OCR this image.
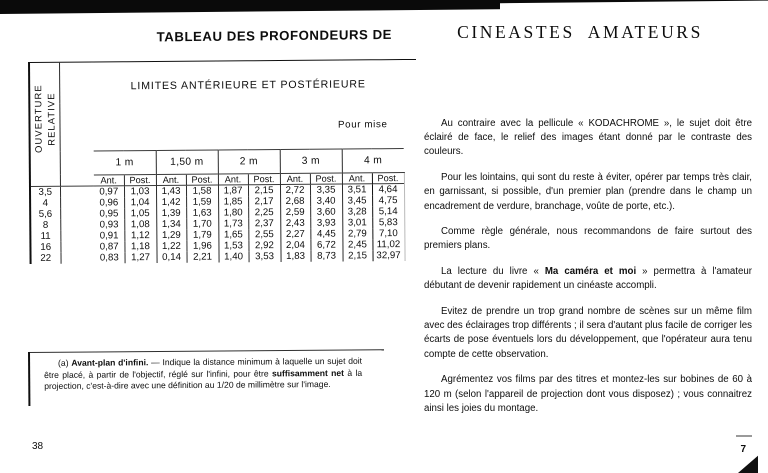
TABLEAU DES PROFONDEURS DE
OUVERTURE
RELATIVE		LIMITES ANTÉRIEURE ET POSTÉRIEURE										
		Pour mise										
		1 m		1,50 m		2 m		3 m		4 m		
		Ant.	Post.	Ant.	Post.	Ant.	Post.	Ant.	Post.	Ant.	Post.	
3,5		0,97	1,03	1,43	1,58	1,87	2,15	2,72	3,35	3,51	4,64	
4		0,96	1,04	1,42	1,59	1,85	2,17	2,68	3,40	3,45	4,75	
5,6		0,95	1,05	1,39	1,63	1,80	2,25	2,59	3,60	3,28	5,14	
8		0,93	1,08	1,34	1,70	1,73	2,37	2,43	3,93	3,01	5,83	
11		0,91	1,12	1,29	1,79	1,65	2,55	2,27	4,45	2,79	7,10	
16		0,87	1,18	1,22	1,96	1,53	2,92	2,04	6,72	2,45	11,02	
22		0,83	1,27	0,14	2,21	1,40	3,53	1,83	8,73	2,15	32,97	
(a) Avant-plan d'infini. — Indique la distance minimum à laquelle un sujet doit être placé, à partir de l'objectif, réglé sur l'infini, pour être suffisamment net à la projection, c'est-à-dire avec une définition au 1/20 de millimètre sur l'image.
38
CINEASTES AMATEURS

Au contraire avec la pellicule « KODACHROME », le sujet doit être éclairé de face, le relief des images étant donné par le contraste des couleurs.

Pour les lointains, qui sont du reste à éviter, opérer par temps très clair, en garnissant, si possible, d'un premier plan (prendre dans le champ un encadrement de verdure, branchage, voûte de porte, etc.).

Comme règle générale, nous recommandons de faire surtout des premiers plans.

La lecture du livre « Ma caméra et moi » permettra à l'amateur débutant de devenir rapidement un cinéaste accompli.

Evitez de prendre un trop grand nombre de scènes sur un même film avec des éclairages trop différents ; il sera d'autant plus facile de corriger les écarts de pose éventuels lors du développement, que l'opérateur aura tenu compte de cette observation.

Agrémentez vos films par des titres et montez-les sur bobines de 60 à 120 m (selon l'appareil de projection dont vous disposez) ; vous connaitrez ainsi les joies du montage.

7
